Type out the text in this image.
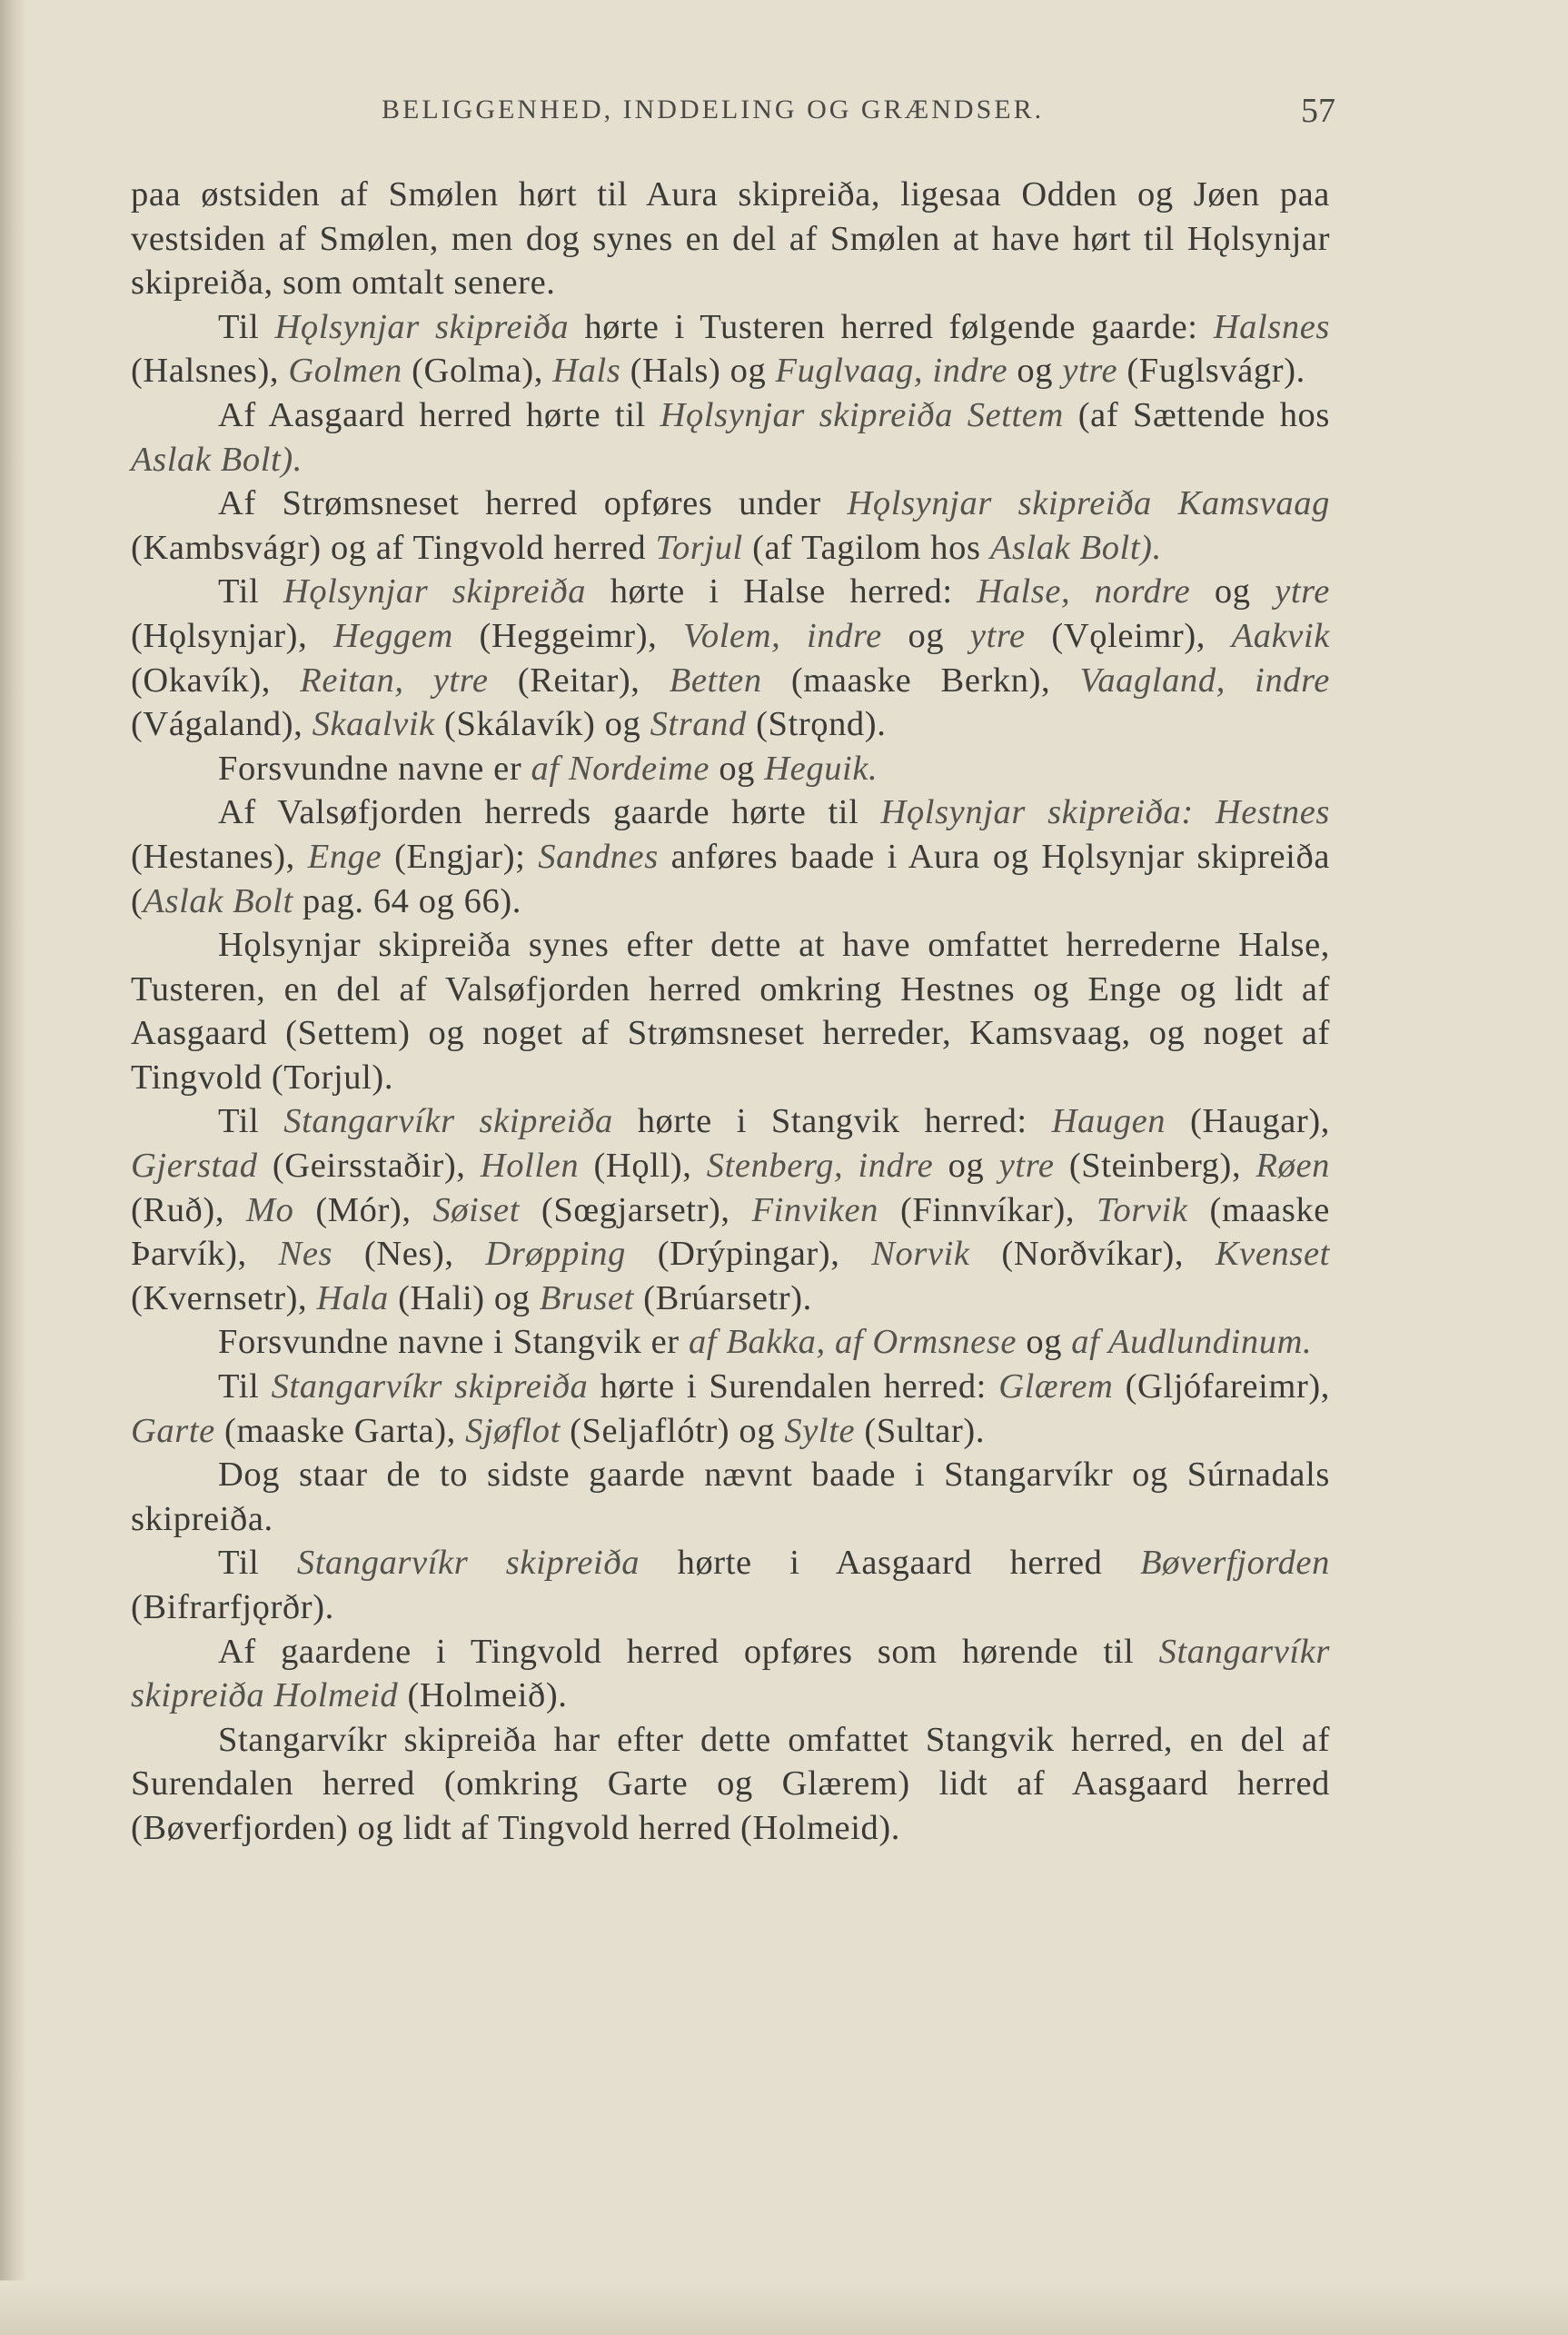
BELIGGENHED, INDDELING OG GRÆNDSER.	57

paa østsiden af Smølen hørt til Aura skipreiða, ligesaa Odden og Jøen paa vestsiden af Smølen, men dog synes en del af Smølen at have hørt til Hǫlsynjar skipreiða, som omtalt senere.

Til Hǫlsynjar skipreiða hørte i Tusteren herred følgende gaarde: Halsnes (Halsnes), Golmen (Golma), Hals (Hals) og Fuglvaag, indre og ytre (Fuglsvágr).

Af Aasgaard herred hørte til Hǫlsynjar skipreiða Settem (af Sættende hos Aslak Bolt).

Af Strømsneset herred opføres under Hǫlsynjar skipreiða Kamsvaag (Kambsvágr) og af Tingvold herred Torjul (af Tagilom hos Aslak Bolt).

Til Hǫlsynjar skipreiða hørte i Halse herred: Halse, nordre og ytre (Hǫlsynjar), Heggem (Heggeimr), Volem, indre og ytre (Vǫleimr), Aakvik (Okavík), Reitan, ytre (Reitar), Betten (maaske Berkn), Vaagland, indre (Vágaland), Skaalvik (Skálavík) og Strand (Strǫnd).

Forsvundne navne er af Nordeime og Heguik.

Af Valsøfjorden herreds gaarde hørte til Hǫlsynjar skipreiða: Hestnes (Hestanes), Enge (Engjar); Sandnes anføres baade i Aura og Hǫlsynjar skipreiða (Aslak Bolt pag. 64 og 66).

Hǫlsynjar skipreiða synes efter dette at have omfattet herrederne Halse, Tusteren, en del af Valsøfjorden herred omkring Hestnes og Enge og lidt af Aasgaard (Settem) og noget af Strømsneset herreder, Kamsvaag, og noget af Tingvold (Torjul).

Til Stangarvíkr skipreiða hørte i Stangvik herred: Haugen (Haugar), Gjerstad (Geirsstaðir), Hollen (Hǫll), Stenberg, indre og ytre (Steinberg), Røen (Ruð), Mo (Mór), Søiset (Sœgjarsetr), Finviken (Finnvíkar), Torvik (maaske Þarvík), Nes (Nes), Drøpping (Drýpingar), Norvik (Norðvíkar), Kvenset (Kvernsetr), Hala (Hali) og Bruset (Brúarsetr).

Forsvundne navne i Stangvik er af Bakka, af Ormsnese og af Audlundinum.

Til Stangarvíkr skipreiða hørte i Surendalen herred: Glærem (Gljófareimr), Garte (maaske Garta), Sjøflot (Seljaflótr) og Sylte (Sultar).

Dog staar de to sidste gaarde nævnt baade i Stangarvíkr og Súrnadals skipreiða.

Til Stangarvíkr skipreiða hørte i Aasgaard herred Bøverfjorden (Bifrarfjǫrðr).

Af gaardene i Tingvold herred opføres som hørende til Stangarvíkr skipreiða Holmeid (Holmeið).

Stangarvíkr skipreiða har efter dette omfattet Stangvik herred, en del af Surendalen herred (omkring Garte og Glærem) lidt af Aasgaard herred (Bøverfjorden) og lidt af Tingvold herred (Holmeid).
